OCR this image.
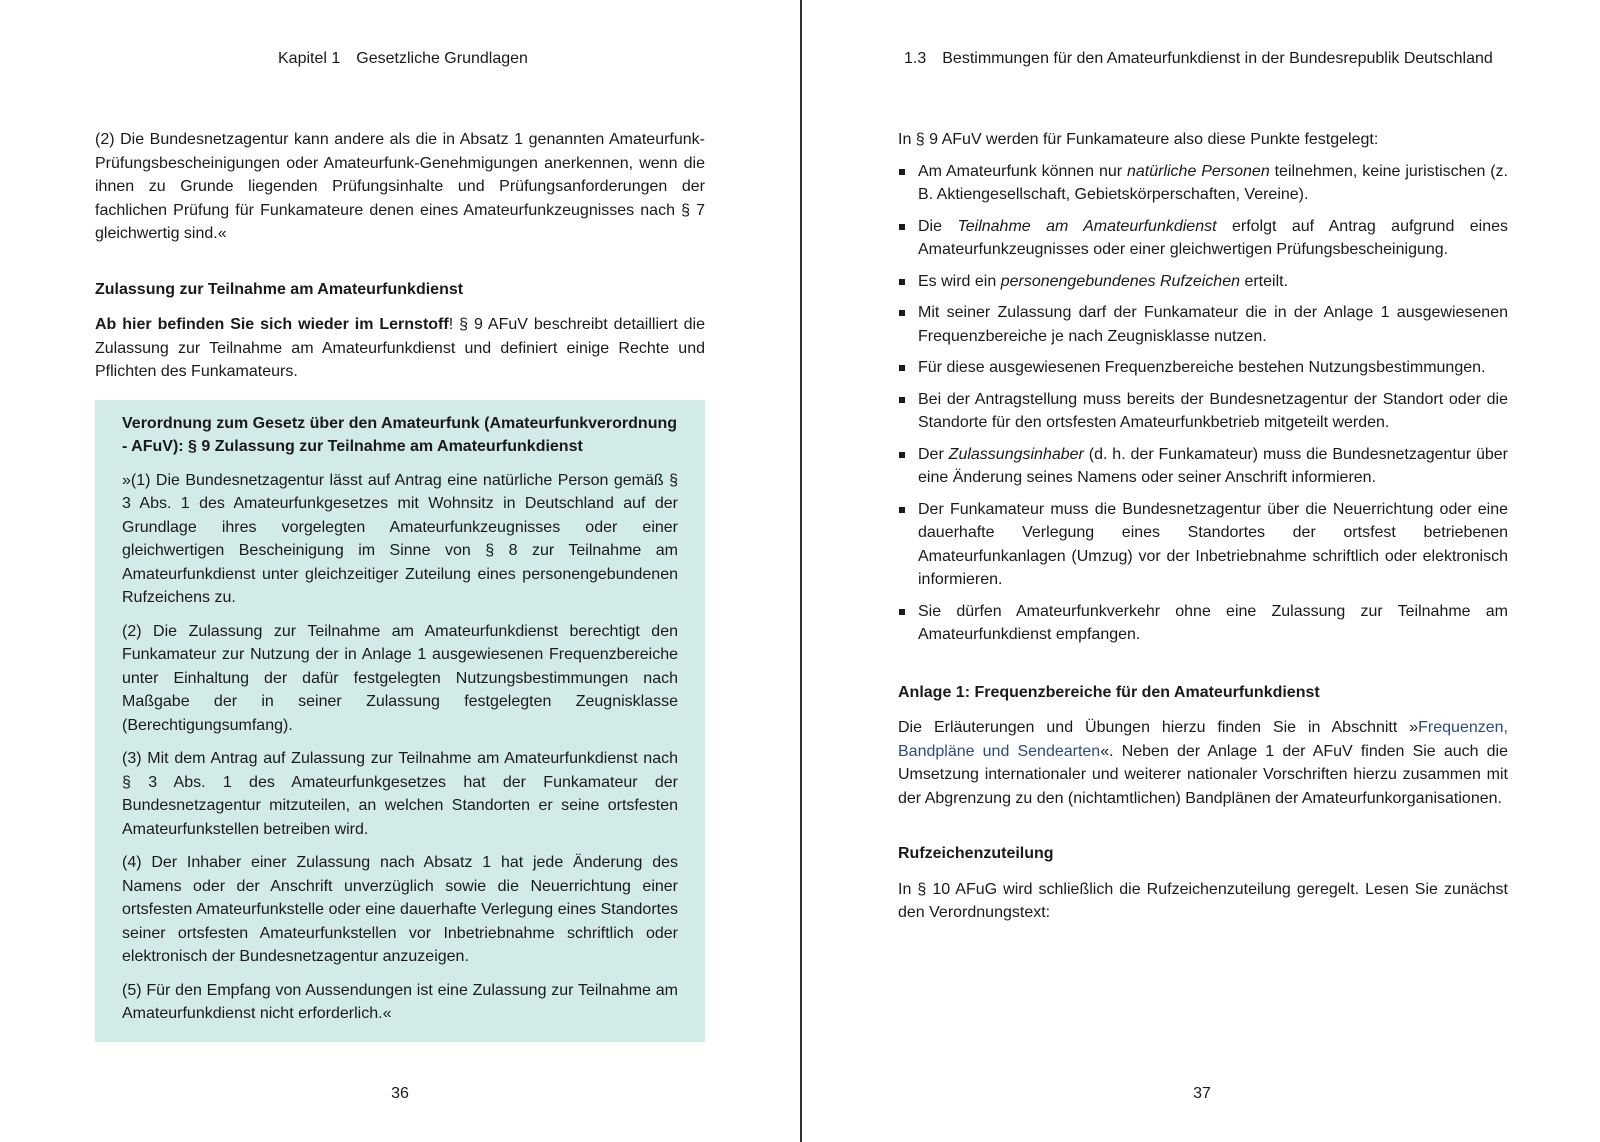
Kapitel 1 Gesetzliche Grundlagen

(2) Die Bundesnetzagentur kann andere als die in Absatz 1 genannten Amateurfunk-Prüfungsbescheinigungen oder Amateurfunk-Genehmigungen anerkennen, wenn die ihnen zu Grunde liegenden Prüfungsinhalte und Prüfungsanforderungen der fachlichen Prüfung für Funkamateure denen eines Amateurfunkzeugnisses nach § 7 gleichwertig sind.«

Zulassung zur Teilnahme am Amateurfunkdienst

Ab hier befinden Sie sich wieder im Lernstoff! § 9 AFuV beschreibt detailliert die Zulassung zur Teilnahme am Amateurfunkdienst und definiert einige Rechte und Pflichten des Funkamateurs.

Verordnung zum Gesetz über den Amateurfunk (Amateurfunkverordnung - AFuV): § 9 Zulassung zur Teilnahme am Amateurfunkdienst

»(1) Die Bundesnetzagentur lässt auf Antrag eine natürliche Person gemäß § 3 Abs. 1 des Amateurfunkgesetzes mit Wohnsitz in Deutschland auf der Grundlage ihres vorgelegten Amateurfunkzeugnisses oder einer gleichwertigen Bescheinigung im Sinne von § 8 zur Teilnahme am Amateurfunkdienst unter gleichzeitiger Zuteilung eines personengebundenen Rufzeichens zu.

(2) Die Zulassung zur Teilnahme am Amateurfunkdienst berechtigt den Funkamateur zur Nutzung der in Anlage 1 ausgewiesenen Frequenzbereiche unter Einhaltung der dafür festgelegten Nutzungsbestimmungen nach Maßgabe der in seiner Zulassung festgelegten Zeugnisklasse (Berechtigungsumfang).

(3) Mit dem Antrag auf Zulassung zur Teilnahme am Amateurfunkdienst nach § 3 Abs. 1 des Amateurfunkgesetzes hat der Funkamateur der Bundesnetzagentur mitzuteilen, an welchen Standorten er seine ortsfesten Amateurfunkstellen betreiben wird.

(4) Der Inhaber einer Zulassung nach Absatz 1 hat jede Änderung des Namens oder der Anschrift unverzüglich sowie die Neuerrichtung einer ortsfesten Amateurfunkstelle oder eine dauerhafte Verlegung eines Standortes seiner ortsfesten Amateurfunkstellen vor Inbetriebnahme schriftlich oder elektronisch der Bundesnetzagentur anzuzeigen.

(5) Für den Empfang von Aussendungen ist eine Zulassung zur Teilnahme am Amateurfunkdienst nicht erforderlich.«

36
1.3 Bestimmungen für den Amateurfunkdienst in der Bundesrepublik Deutschland

In § 9 AFuV werden für Funkamateure also diese Punkte festgelegt:

Am Amateurfunk können nur natürliche Personen teilnehmen, keine juristischen (z. B. Aktiengesellschaft, Gebietskörperschaften, Vereine).
Die Teilnahme am Amateurfunkdienst erfolgt auf Antrag aufgrund eines Amateurfunkzeugnisses oder einer gleichwertigen Prüfungsbescheinigung.
Es wird ein personengebundenes Rufzeichen erteilt.
Mit seiner Zulassung darf der Funkamateur die in der Anlage 1 ausgewiesenen Frequenzbereiche je nach Zeugnisklasse nutzen.
Für diese ausgewiesenen Frequenzbereiche bestehen Nutzungsbestimmungen.
Bei der Antragstellung muss bereits der Bundesnetzagentur der Standort oder die Standorte für den ortsfesten Amateurfunkbetrieb mitgeteilt werden.
Der Zulassungsinhaber (d. h. der Funkamateur) muss die Bundesnetzagentur über eine Änderung seines Namens oder seiner Anschrift informieren.
Der Funkamateur muss die Bundesnetzagentur über die Neuerrichtung oder eine dauerhafte Verlegung eines Standortes der ortsfest betriebenen Amateurfunkanlagen (Umzug) vor der Inbetriebnahme schriftlich oder elektronisch informieren.
Sie dürfen Amateurfunkverkehr ohne eine Zulassung zur Teilnahme am Amateurfunkdienst empfangen.

Anlage 1: Frequenzbereiche für den Amateurfunkdienst

Die Erläuterungen und Übungen hierzu finden Sie in Abschnitt »Frequenzen, Bandpläne und Sendearten«. Neben der Anlage 1 der AFuV finden Sie auch die Umsetzung internationaler und weiterer nationaler Vorschriften hierzu zusammen mit der Abgrenzung zu den (nichtamtlichen) Bandplänen der Amateurfunkorganisationen.

Rufzeichenzuteilung

In § 10 AFuG wird schließlich die Rufzeichenzuteilung geregelt. Lesen Sie zunächst den Verordnungstext:

37
